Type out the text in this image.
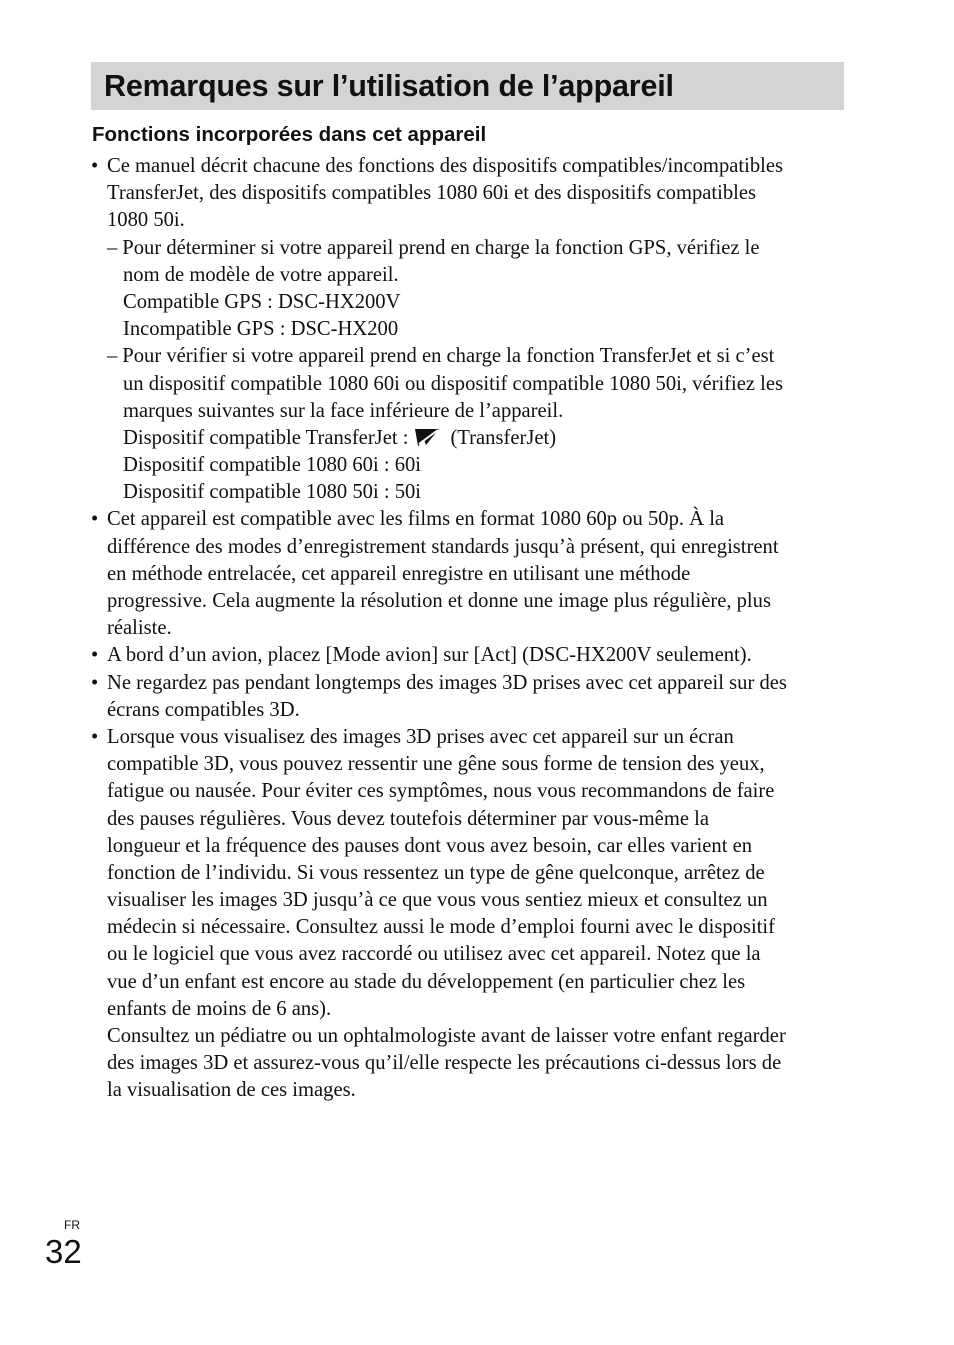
Remarques sur l’utilisation de l’appareil
Fonctions incorporées dans cet appareil
• Ce manuel décrit chacune des fonctions des dispositifs compatibles/incompatibles
TransferJet, des dispositifs compatibles 1080 60i et des dispositifs compatibles
1080 50i.
– Pour déterminer si votre appareil prend en charge la fonction GPS, vérifiez le
nom de modèle de votre appareil.
Compatible GPS : DSC-HX200V
Incompatible GPS : DSC-HX200
– Pour vérifier si votre appareil prend en charge la fonction TransferJet et si c’est
un dispositif compatible 1080 60i ou dispositif compatible 1080 50i, vérifiez les
marques suivantes sur la face inférieure de l’appareil.
Dispositif compatible TransferJet : (TransferJet)
Dispositif compatible 1080 60i : 60i
Dispositif compatible 1080 50i : 50i
• Cet appareil est compatible avec les films en format 1080 60p ou 50p. À la
différence des modes d’enregistrement standards jusqu’à présent, qui enregistrent
en méthode entrelacée, cet appareil enregistre en utilisant une méthode
progressive. Cela augmente la résolution et donne une image plus régulière, plus
réaliste.
• A bord d’un avion, placez [Mode avion] sur [Act] (DSC-HX200V seulement).
• Ne regardez pas pendant longtemps des images 3D prises avec cet appareil sur des
écrans compatibles 3D.
• Lorsque vous visualisez des images 3D prises avec cet appareil sur un écran
compatible 3D, vous pouvez ressentir une gêne sous forme de tension des yeux,
fatigue ou nausée. Pour éviter ces symptômes, nous vous recommandons de faire
des pauses régulières. Vous devez toutefois déterminer par vous-même la
longueur et la fréquence des pauses dont vous avez besoin, car elles varient en
fonction de l’individu. Si vous ressentez un type de gêne quelconque, arrêtez de
visualiser les images 3D jusqu’à ce que vous vous sentiez mieux et consultez un
médecin si nécessaire. Consultez aussi le mode d’emploi fourni avec le dispositif
ou le logiciel que vous avez raccordé ou utilisez avec cet appareil. Notez que la
vue d’un enfant est encore au stade du développement (en particulier chez les
enfants de moins de 6 ans).
Consultez un pédiatre ou un ophtalmologiste avant de laisser votre enfant regarder
des images 3D et assurez-vous qu’il/elle respecte les précautions ci-dessus lors de
la visualisation de ces images.
FR
32
